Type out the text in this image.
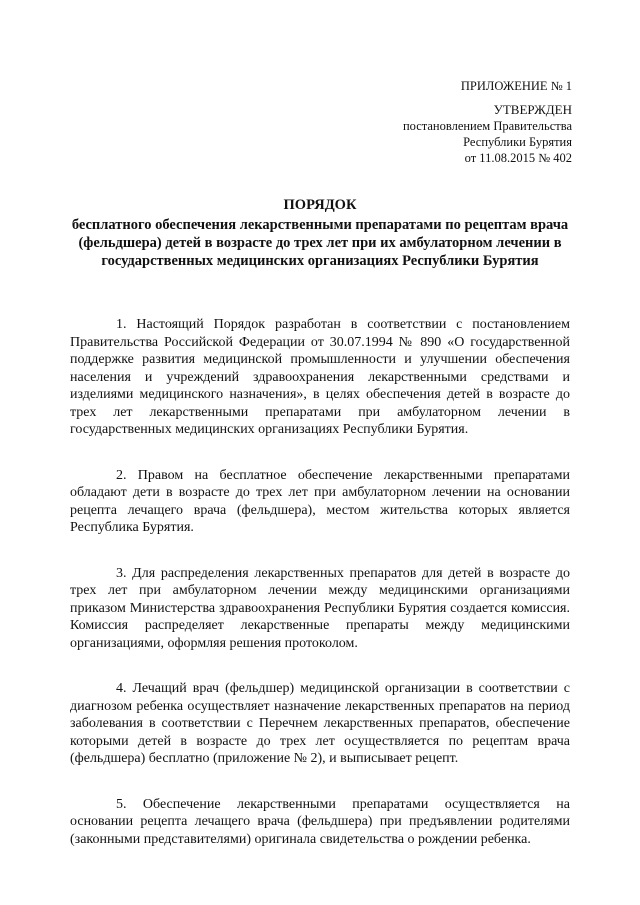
ПРИЛОЖЕНИЕ № 1
УТВЕРЖДЕН
постановлением Правительства
Республики Бурятия
от 11.08.2015 № 402
ПОРЯДОК
бесплатного обеспечения лекарственными препаратами по рецептам врача (фельдшера) детей в возрасте до трех лет при их амбулаторном лечении в государственных медицинских организациях Республики Бурятия

1. Настоящий Порядок разработан в соответствии с постановлением Правительства Российской Федерации от 30.07.1994 № 890 «О государственной поддержке развития медицинской промышленности и улучшении обеспечения населения и учреждений здравоохранения лекарственными средствами и изделиями медицинского назначения», в целях обеспечения детей в возрасте до трех лет лекарственными препаратами при амбулаторном лечении в государственных медицинских организациях Республики Бурятия.

2. Правом на бесплатное обеспечение лекарственными препаратами обладают дети в возрасте до трех лет при амбулаторном лечении на основании рецепта лечащего врача (фельдшера), местом жительства которых является Республика Бурятия.

3. Для распределения лекарственных препаратов для детей в возрасте до трех лет при амбулаторном лечении между медицинскими организациями приказом Министерства здравоохранения Республики Бурятия создается комиссия. Комиссия распределяет лекарственные препараты между медицинскими организациями, оформляя решения протоколом.

4. Лечащий врач (фельдшер) медицинской организации в соответствии с диагнозом ребенка осуществляет назначение лекарственных препаратов на период заболевания в соответствии с Перечнем лекарственных препаратов, обеспечение которыми детей в возрасте до трех лет осуществляется по рецептам врача (фельдшера) бесплатно (приложение № 2), и выписывает рецепт.

5. Обеспечение лекарственными препаратами осуществляется на основании рецепта лечащего врача (фельдшера) при предъявлении родителями (законными представителями) оригинала свидетельства о рождении ребенка.
